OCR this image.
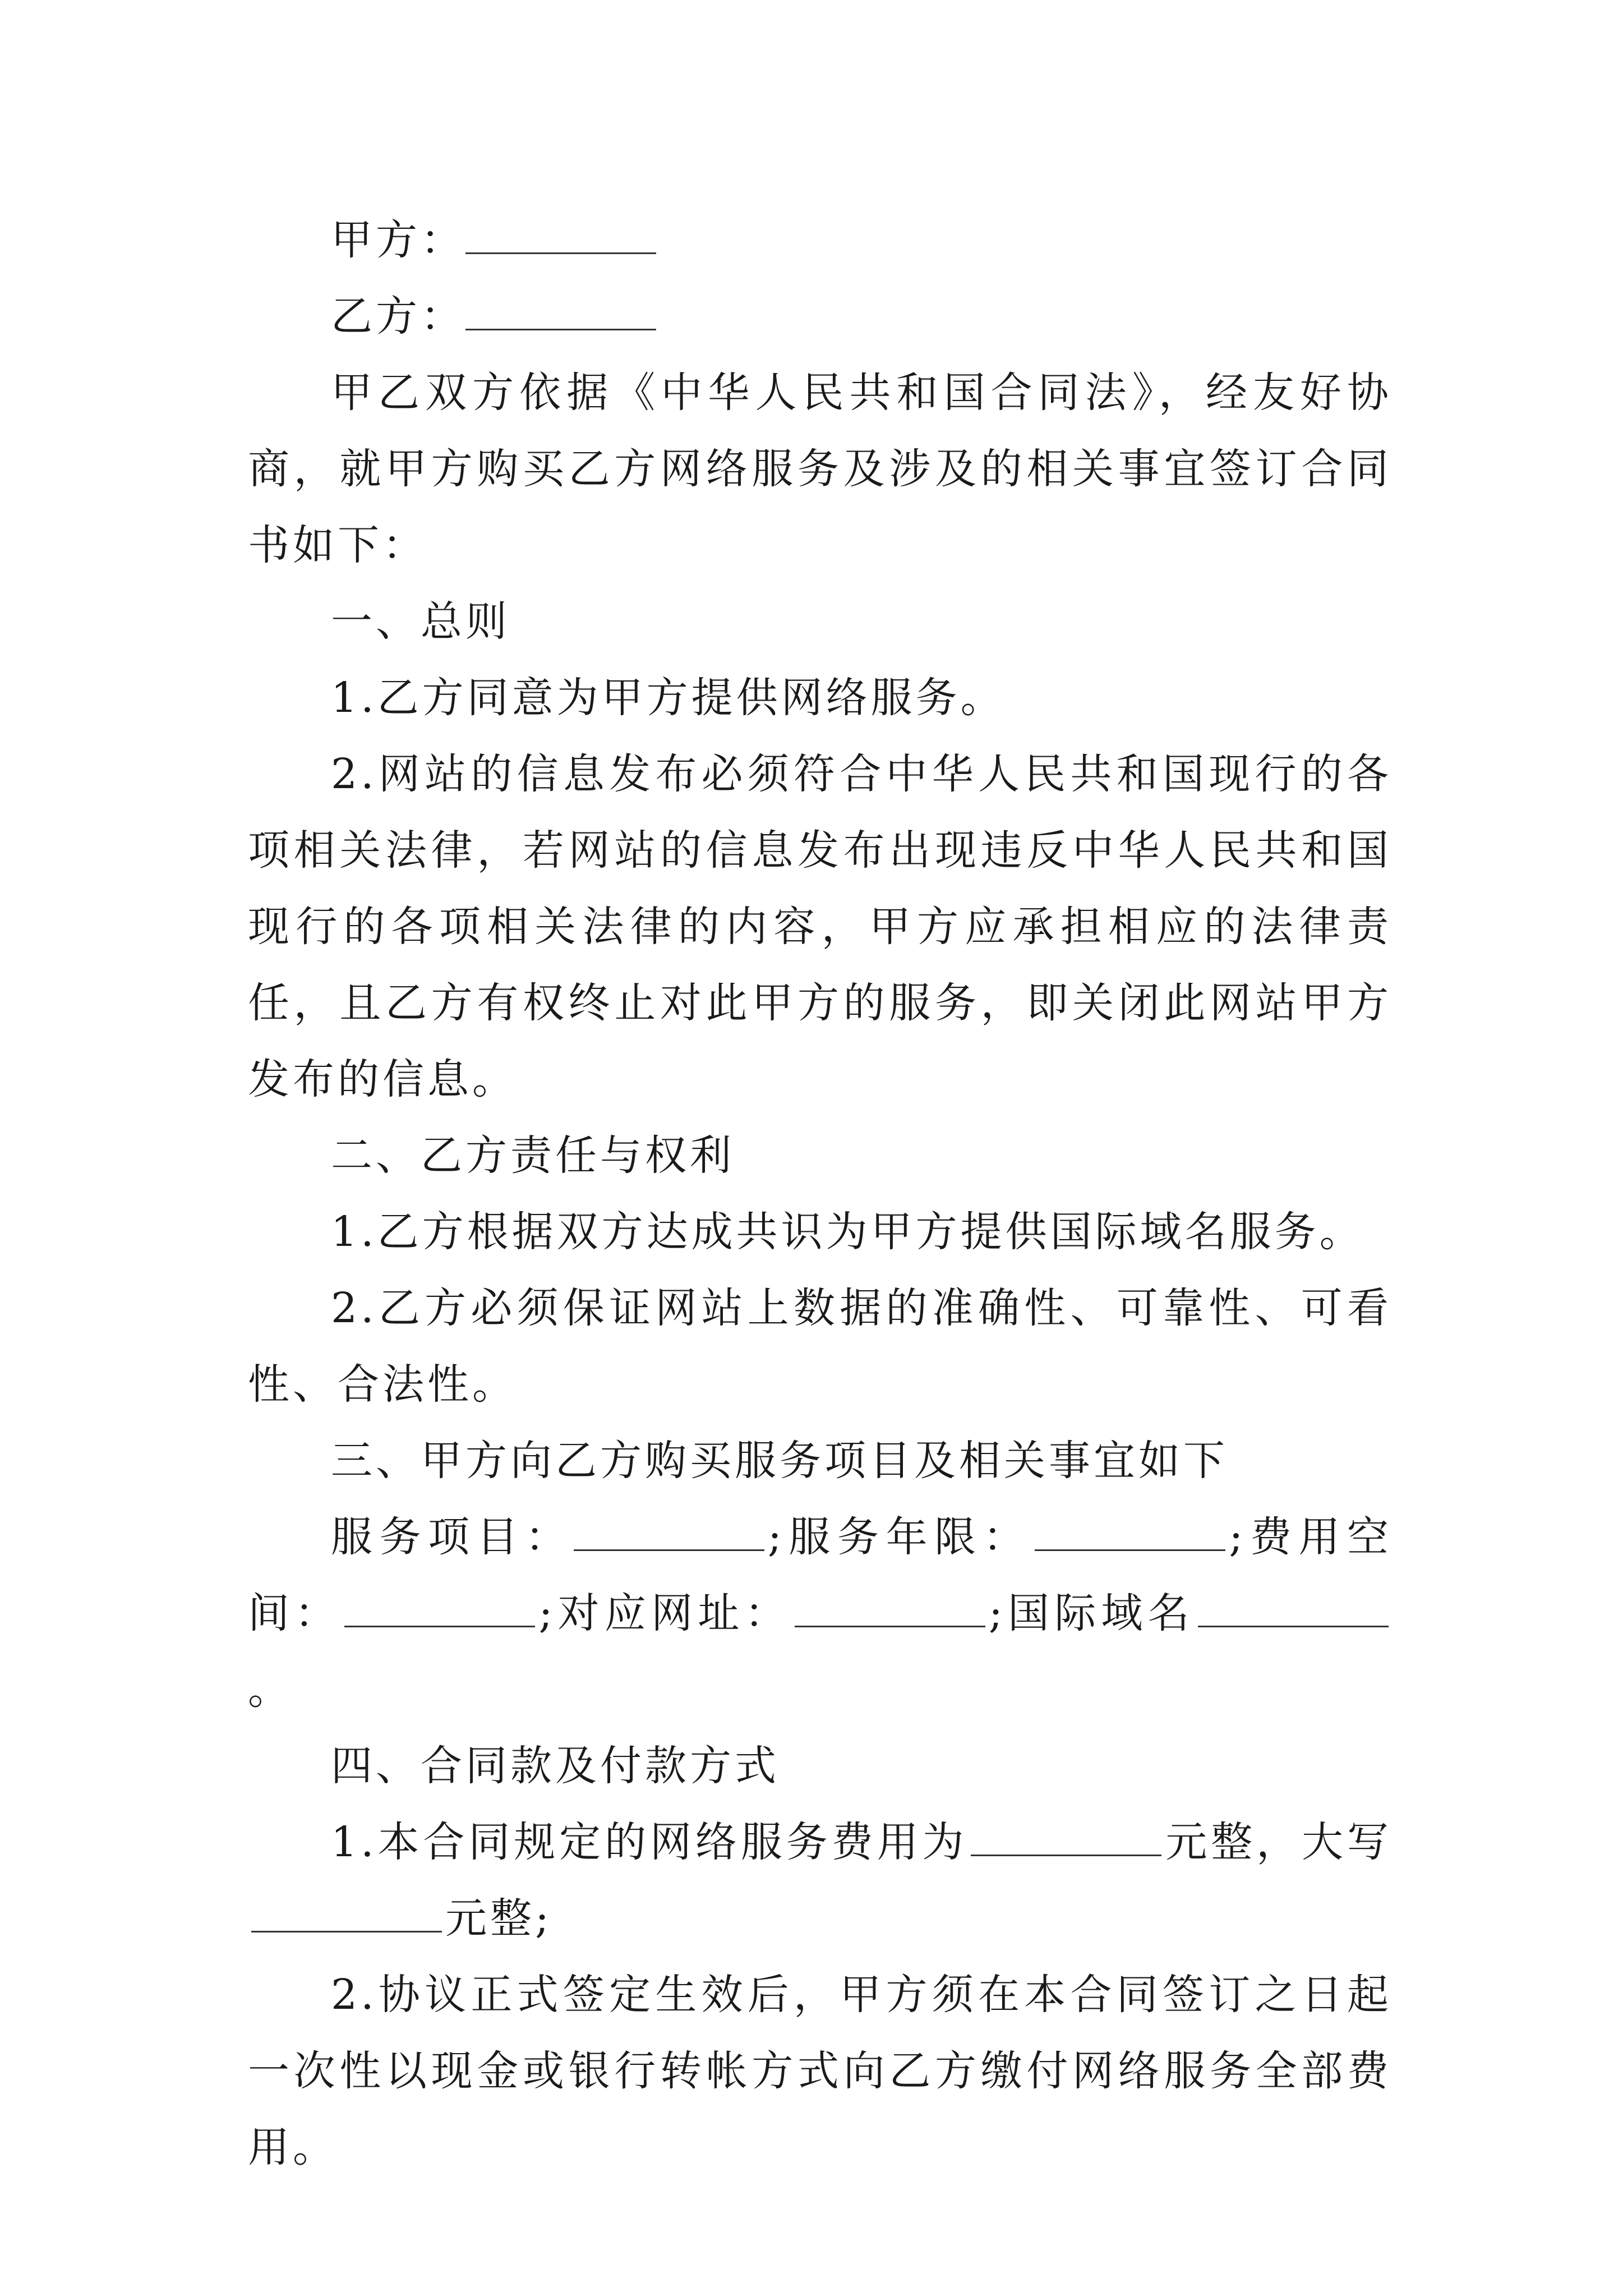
甲方：

乙方：

甲乙双方依据《中华人民共和国合同法》，经友好协商，就甲方购买乙方网络服务及涉及的相关事宜签订合同书如下：

一、总则

1.乙方同意为甲方提供网络服务。

2.网站的信息发布必须符合中华人民共和国现行的各项相关法律，若网站的信息发布出现违反中华人民共和国现行的各项相关法律的内容，甲方应承担相应的法律责任，且乙方有权终止对此甲方的服务，即关闭此网站甲方发布的信息。

二、乙方责任与权利

1.乙方根据双方达成共识为甲方提供国际域名服务。

2.乙方必须保证网站上数据的准确性、可靠性、可看性、合法性。

三、甲方向乙方购买服务项目及相关事宜如下

服务项目：	;服务年限：	;费用空间：	;对应网址：	;国际域名。

四、合同款及付款方式

1.本合同规定的网络服务费用为	元整，大写元整;

2.协议正式签定生效后，甲方须在本合同签订之日起一次性以现金或银行转帐方式向乙方缴付网络服务全部费用。
